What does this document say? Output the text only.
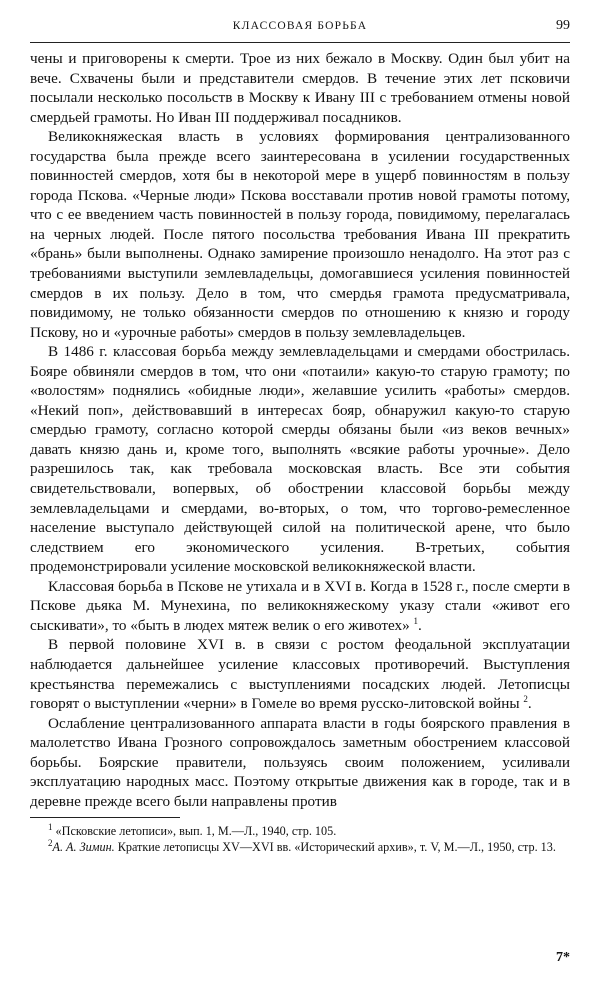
КЛАССОВАЯ БОРЬБА	99

чены и приговорены к смерти. Трое из них бежало в Москву. Один был убит на вече. Схвачены были и представители смердов. В течение этих лет псковичи посылали несколько посольств в Москву к Ивану III с требованием отмены новой смердьей грамоты. Но Иван III поддерживал посадников.

Великокняжеская власть в условиях формирования централизованного государства была прежде всего заинтересована в усилении государственных повинностей смердов, хотя бы в некоторой мере в ущерб повинностям в пользу города Пскова. «Черные люди» Пскова восставали против новой грамоты потому, что с ее введением часть повинностей в пользу города, повидимому, перелагалась на черных людей. После пятого посольства требования Ивана III прекратить «брань» были выполнены. Однако замирение произошло ненадолго. На этот раз с требованиями выступили землевладельцы, домогавшиеся усиления повинностей смердов в их пользу. Дело в том, что смердья грамота предусматривала, повидимому, не только обязанности смердов по отношению к князю и городу Пскову, но и «урочные работы» смердов в пользу землевладельцев.

В 1486 г. классовая борьба между землевладельцами и смердами обострилась. Бояре обвиняли смердов в том, что они «потаили» какую-то старую грамоту; по «волостям» поднялись «обидные люди», желавшие усилить «работы» смердов. «Некий поп», действовавший в интересах бояр, обнаружил какую-то старую смердью грамоту, согласно которой смерды обязаны были «из веков вечных» давать князю дань и, кроме того, выполнять «всякие работы урочные». Дело разрешилось так, как требовала московская власть. Все эти события свидетельствовали, вопервых, об обострении классовой борьбы между землевладельцами и смердами, во-вторых, о том, что торгово-ремесленное население выступало действующей силой на политической арене, что было следствием его экономического усиления. В-третьих, события продемонстрировали усиление московской великокняжеской власти.

Классовая борьба в Пскове не утихала и в XVI в. Когда в 1528 г., после смерти в Пскове дьяка М. Мунехина, по великокняжескому указу стали «живот его сыскивати», то «быть в людех мятеж велик о его животех» $^1$.

В первой половине XVI в. в связи с ростом феодальной эксплуатации наблюдается дальнейшее усиление классовых противоречий. Выступления крестьянства перемежались с выступлениями посадских людей. Летописцы говорят о выступлении «черни» в Гомеле во время русско-литовской войны $^2$.

Ослабление централизованного аппарата власти в годы боярского правления в малолетство Ивана Грозного сопровождалось заметным обострением классовой борьбы. Боярские правители, пользуясь своим положением, усиливали эксплуатацию народных масс. Поэтому открытые движения как в городе, так и в деревне прежде всего были направлены против

$^1$ «Псковские летописи», вып. 1, М.—Л., 1940, стр. 105.

$^2$А. А. Зимин. Краткие летописцы XV—XVI вв. «Исторический архив», т. V, М.—Л., 1950, стр. 13.

7*
